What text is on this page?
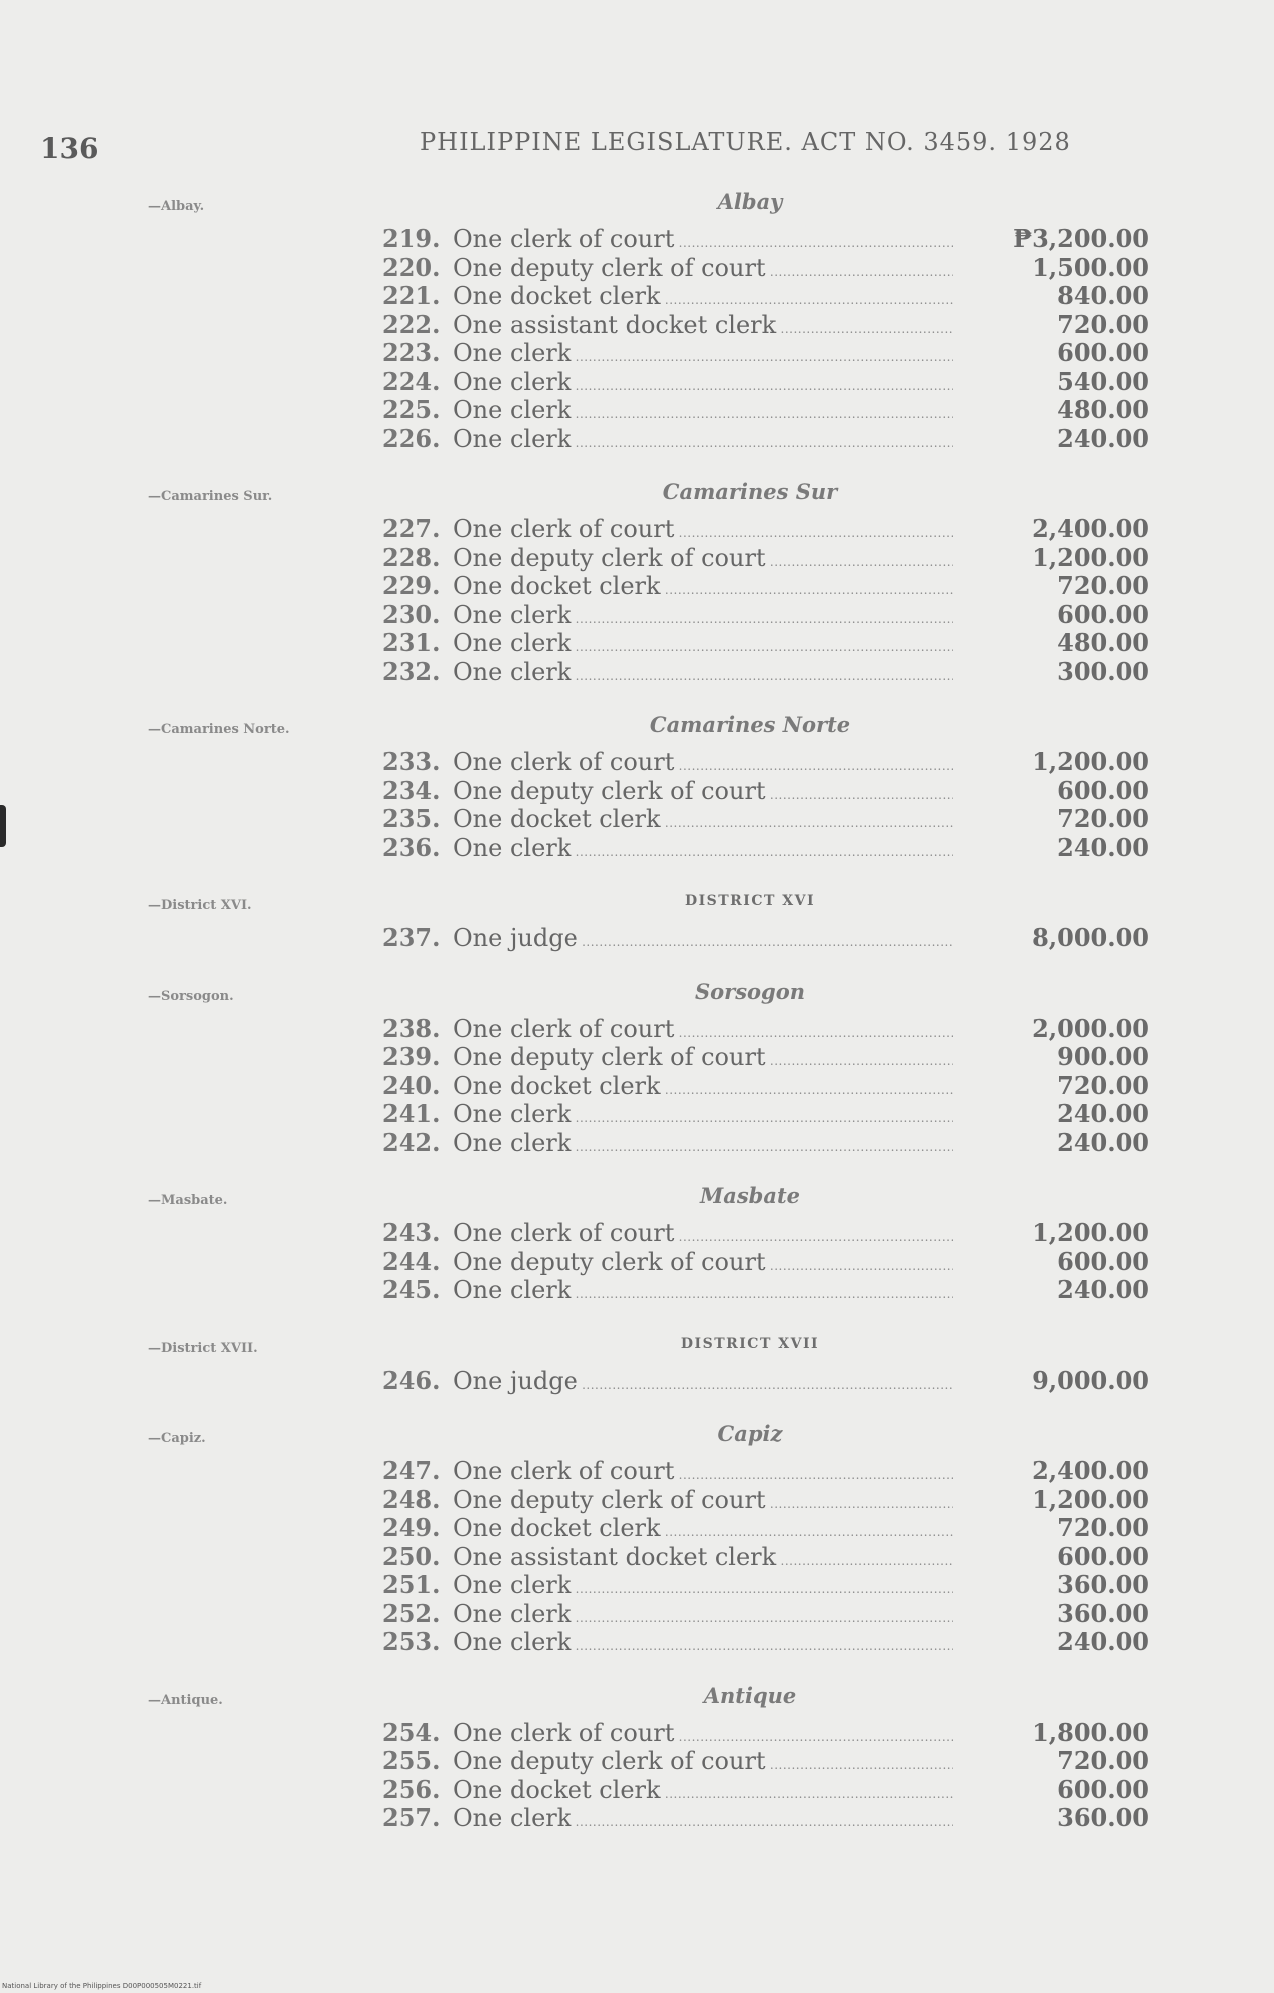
136	PHILIPPINE LEGISLATURE. ACT NO. 3459. 1928
—Albay.	Albay
219. One clerk of court .....	₱3,200.00
220. One deputy clerk of court .....	1,500.00
221. One docket clerk .....	840.00
222. One assistant docket clerk .....	720.00
223. One clerk .....	600.00
224. One clerk .....	540.00
225. One clerk .....	480.00
226. One clerk .....	240.00
—Camarines Sur.	Camarines Sur
227. One clerk of court .....	2,400.00
228. One deputy clerk of court .....	1,200.00
229. One docket clerk .....	720.00
230. One clerk .....	600.00
231. One clerk .....	480.00
232. One clerk .....	300.00
—Camarines Norte.	Camarines Norte
233. One clerk of court .....	1,200.00
234. One deputy clerk of court .....	600.00
235. One docket clerk .....	720.00
236. One clerk .....	240.00
—District XVI.	DISTRICT XVI
237. One judge .....	8,000.00
—Sorsogon.	Sorsogon
238. One clerk of court .....	2,000.00
239. One deputy clerk of court .....	900.00
240. One docket clerk .....	720.00
241. One clerk .....	240.00
242. One clerk .....	240.00
—Masbate.	Masbate
243. One clerk of court .....	1,200.00
244. One deputy clerk of court .....	600.00
245. One clerk .....	240.00
—District XVII.	DISTRICT XVII
246. One judge .....	9,000.00
—Capiz.	Capiz
247. One clerk of court .....	2,400.00
248. One deputy clerk of court .....	1,200.00
249. One docket clerk .....	720.00
250. One assistant docket clerk .....	600.00
251. One clerk .....	360.00
252. One clerk .....	360.00
253. One clerk .....	240.00
—Antique.	Antique
254. One clerk of court .....	1,800.00
255. One deputy clerk of court .....	720.00
256. One docket clerk .....	600.00
257. One clerk .....	360.00
National Library of the Philippines D00P000505M0221.tif
